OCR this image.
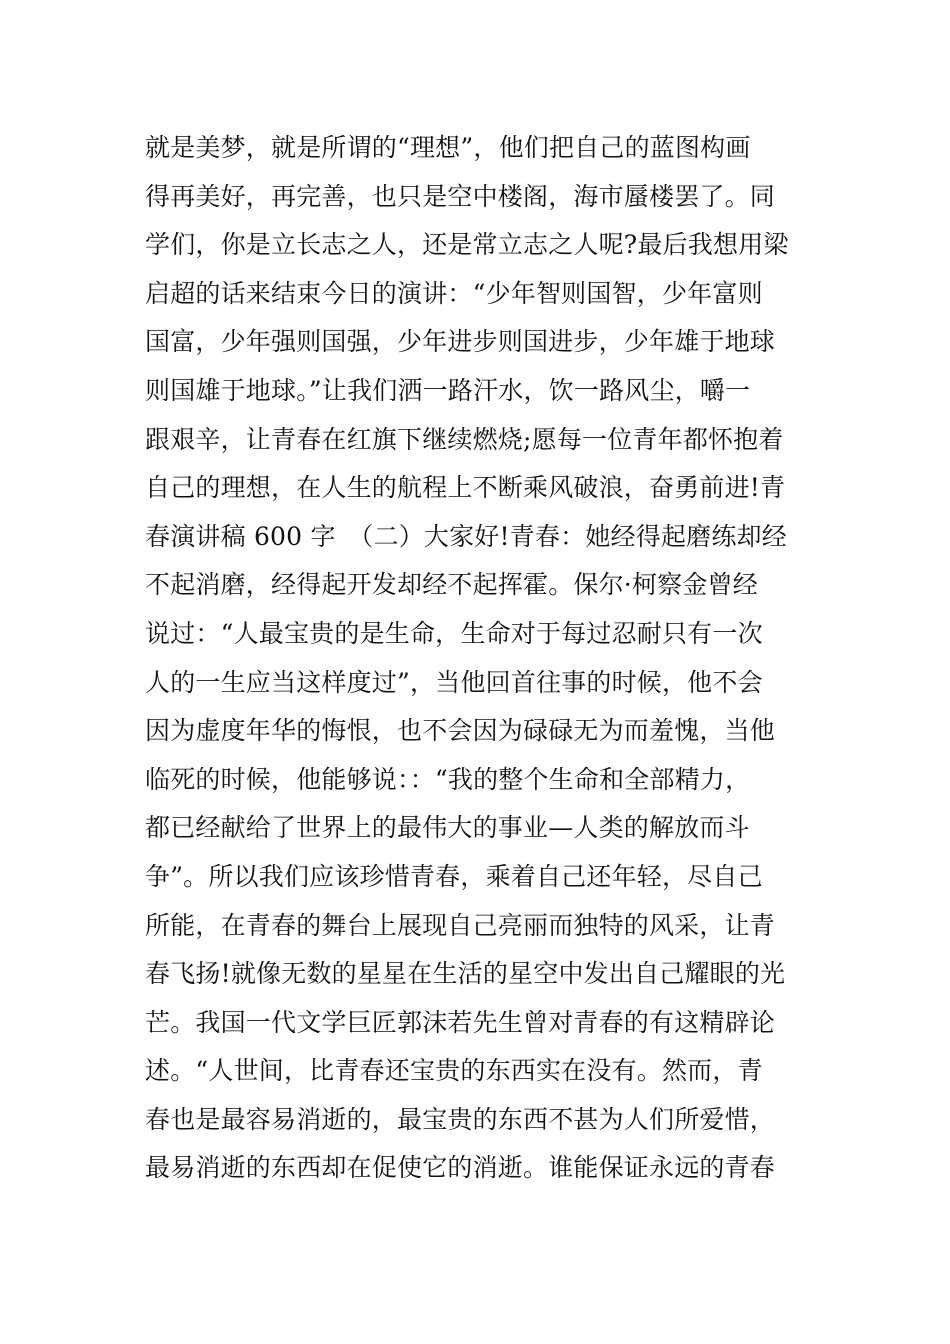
就是美梦，就是所谓的“理想”，他们把自己的蓝图构画
得再美好，再完善，也只是空中楼阁，海市蜃楼罢了。同
学们，你是立长志之人，还是常立志之人呢?最后我想用梁
启超的话来结束今日的演讲：“少年智则国智，少年富则
国富，少年强则国强，少年进步则国进步，少年雄于地球
则国雄于地球。”让我们洒一路汗水，饮一路风尘，嚼一
跟艰辛，让青春在红旗下继续燃烧;愿每一位青年都怀抱着
自己的理想，在人生的航程上不断乘风破浪，奋勇前进!青
春演讲稿 600 字　（二）大家好!青春：她经得起磨练却经
不起消磨，经得起开发却经不起挥霍。保尔·柯察金曾经
说过：“人最宝贵的是生命，生命对于每过忍耐只有一次
人的一生应当这样度过”，当他回首往事的时候，他不会
因为虚度年华的悔恨，也不会因为碌碌无为而羞愧，当他
临死的时候，他能够说：：“我的整个生命和全部精力，
都已经献给了世界上的最伟大的事业—人类的解放而斗
争”。所以我们应该珍惜青春，乘着自己还年轻，尽自己
所能，在青春的舞台上展现自己亮丽而独特的风采，让青
春飞扬!就像无数的星星在生活的星空中发出自己耀眼的光
芒。我国一代文学巨匠郭沫若先生曾对青春的有这精辟论
述。“人世间，比青春还宝贵的东西实在没有。然而，青
春也是最容易消逝的，最宝贵的东西不甚为人们所爱惜，
最易消逝的东西却在促使它的消逝。谁能保证永远的青春
